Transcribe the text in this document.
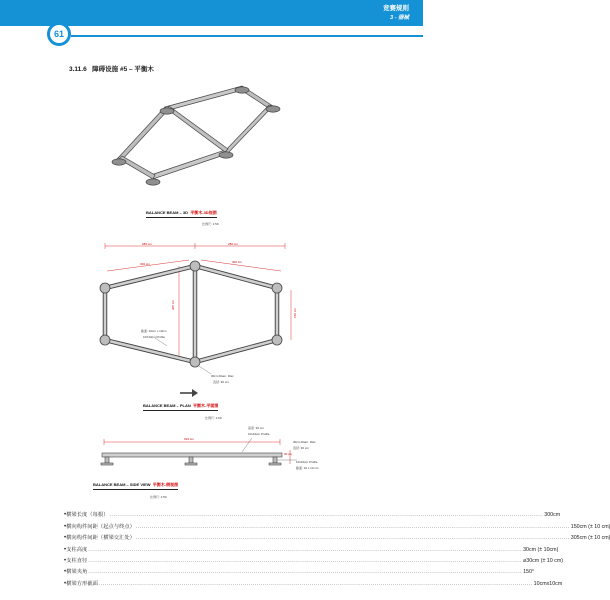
竞赛规则
3 - 器械
61
3.11.6 障碍设施 #5 – 平衡木
BALANCE BEAM – 3D 平衡木-3D视图
比例尺: 1:50
280 cm	280 cm
300 cm	300 cm
305 cm
150 cm
截面: 10cm x 10cm
10X10cm Profile
30cm Diam. Disc
直径: 30 cm
BALANCE BEAM – PLAN 平衡木-平面图
比例尺: 1:50
610 cm
30 cm
高度: 30 cm
10x10cm Profile
30cm Diam. Disc
直径: 30 cm
10x10cm Profile
截面: 10 x 10 cm
BALANCE BEAM – SIDE VIEW 平衡木-侧视图
比例尺: 1:50
• 横梁长度（每根） ............................................................................................................................................................................................................................ 300cm
• 横向构件间距（起点与终点） ............................................................................................................................................................................................................................ 150cm (± 10 cm)
• 横向构件间距（横梁交汇处） ............................................................................................................................................................................................................................ 305cm (± 10 cm)
• 支柱高度 ............................................................................................................................................................................................................................ 30cm (± 10cm)
• 支柱直径 ............................................................................................................................................................................................................................ ⌀30cm (± 10 cm)
• 横梁夹角 ............................................................................................................................................................................................................................ 150°
• 横梁方形截面 ............................................................................................................................................................................................................................ 10cmx10cm
